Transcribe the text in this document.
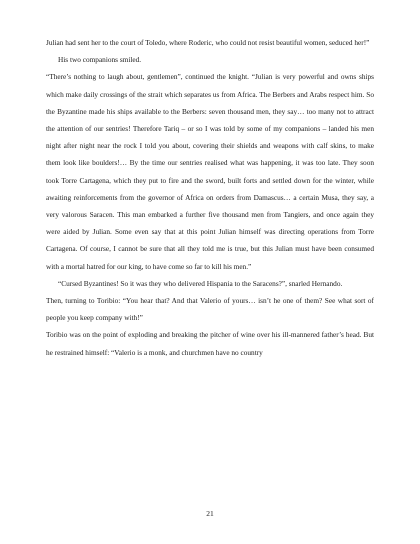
Julian had sent her to the court of Toledo, where Roderic, who could not resist beautiful women, seduced her!”

His two companions smiled.

“There’s nothing to laugh about, gentlemen”, continued the knight. “Julian is very powerful and owns ships which make daily crossings of the strait which separates us from Africa. The Berbers and Arabs respect him. So the Byzantine made his ships available to the Berbers: seven thousand men, they say… too many not to attract the attention of our sentries! Therefore Tariq – or so I was told by some of my companions – landed his men night after night near the rock I told you about, covering their shields and weapons with calf skins, to make them look like boulders!… By the time our sentries realised what was happening, it was too late. They soon took Torre Cartagena, which they put to fire and the sword, built forts and settled down for the winter, while awaiting reinforcements from the governor of Africa on orders from Damascus… a certain Musa, they say, a very valorous Saracen. This man embarked a further five thousand men from Tangiers, and once again they were aided by Julian. Some even say that at this point Julian himself was directing operations from Torre Cartagena. Of course, I cannot be sure that all they told me is true, but this Julian must have been consumed with a mortal hatred for our king, to have come so far to kill his men.”

“Cursed Byzantines! So it was they who delivered Hispania to the Saracens?”, snarled Hernando.

Then, turning to Toribio: “You hear that? And that Valerio of yours… isn’t he one of them? See what sort of people you keep company with!”

Toribio was on the point of exploding and breaking the pitcher of wine over his ill-mannered father’s head. But he restrained himself: “Valerio is a monk, and churchmen have no country

21
